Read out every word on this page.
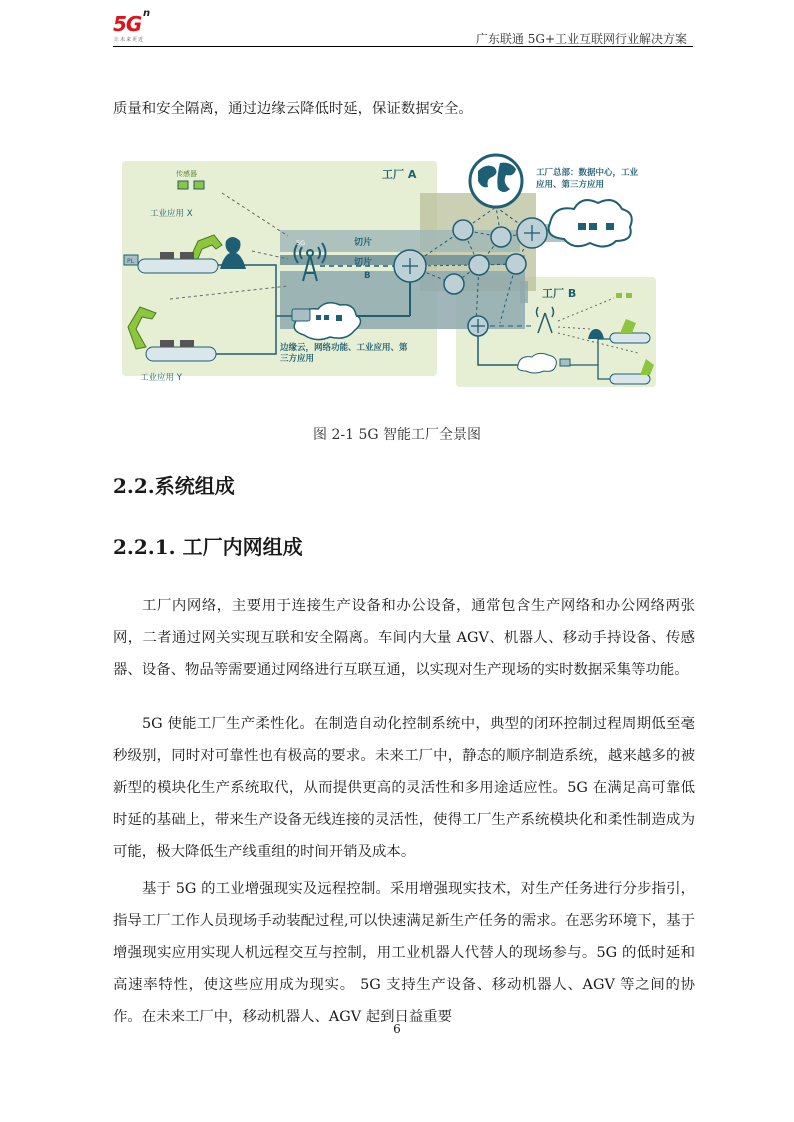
5G n
让未来更近	广东联通 5G+工业互联网行业解决方案

质量和安全隔离，通过边缘云降低时延，保证数据安全。

工厂 A
工厂 B
传感器
工业应用 X
工业应用 Y
5G	切片
切片
B
边缘云，网络功能、工业应用、第
三方应用
工厂总部：数据中心，工业
应用、第三方应用
PL
图 2-1 5G 智能工厂全景图
2.2.系统组成
2.2.1. 工厂内网组成

工厂内网络，主要用于连接生产设备和办公设备，通常包含生产网络和办公网络两张网，二者通过网关实现互联和安全隔离。车间内大量 AGV、机器人、移动手持设备、传感器、设备、物品等需要通过网络进行互联互通，以实现对生产现场的实时数据采集等功能。

5G 使能工厂生产柔性化。在制造自动化控制系统中，典型的闭环控制过程周期低至毫秒级别，同时对可靠性也有极高的要求。未来工厂中，静态的顺序制造系统，越来越多的被新型的模块化生产系统取代，从而提供更高的灵活性和多用途适应性。5G 在满足高可靠低时延的基础上，带来生产设备无线连接的灵活性，使得工厂生产系统模块化和柔性制造成为可能，极大降低生产线重组的时间开销及成本。

基于 5G 的工业增强现实及远程控制。采用增强现实技术，对生产任务进行分步指引，指导工厂工作人员现场手动装配过程,可以快速满足新生产任务的需求。在恶劣环境下，基于增强现实应用实现人机远程交互与控制，用工业机器人代替人的现场参与。5G 的低时延和高速率特性，使这些应用成为现实。 5G 支持生产设备、移动机器人、AGV 等之间的协作。在未来工厂中，移动机器人、AGV 起到日益重要

6
